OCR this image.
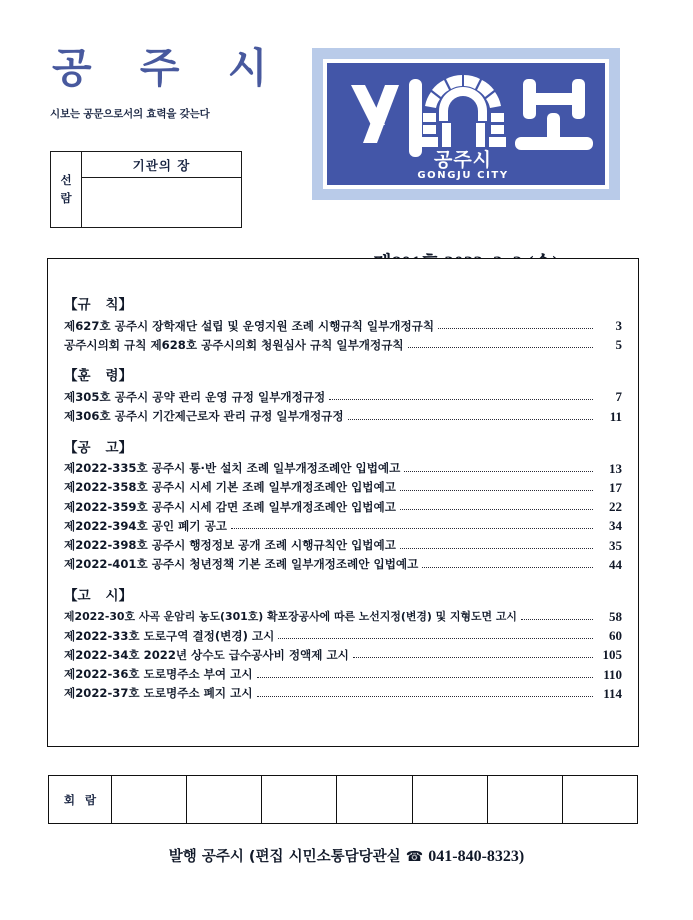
공 주 시
시보는 공문으로서의 효력을 갖는다
선
람
	기관의 장	공주시
GONGJU CITY
【규 칙】
제627호 공주시 장학재단 설립 및 운영지원 조례 시행규칙 일부개정규칙	3
공주시의회 규칙 제628호 공주시의회 청원심사 규칙 일부개정규칙	5
【훈 령】
제305호 공주시 공약 관리 운영 규정 일부개정규정	7
제306호 공주시 기간제근로자 관리 규정 일부개정규정	11
【공 고】
제2022-335호 공주시 통·반 설치 조례 일부개정조례안 입법예고	13
제2022-358호 공주시 시세 기본 조례 일부개정조례안 입법예고	17
제2022-359호 공주시 시세 감면 조례 일부개정조례안 입법예고	22
제2022-394호 공인 폐기 공고	34
제2022-398호 공주시 행정정보 공개 조례 시행규칙안 입법예고	35
제2022-401호 공주시 청년정책 기본 조례 일부개정조례안 입법예고	44
【고 시】
제2022-30호 사곡 운암리 농도(301호) 확포장공사에 따른 노선지정(변경) 및 지형도면 고시	58
제2022-33호 도로구역 결정(변경) 고시	60
제2022-34호 2022년 상수도 급수공사비 정액제 고시	105
제2022-36호 도로명주소 부여 고시	110
제2022-37호 도로명주소 폐지 고시	114
회 람							
발행 공주시 (편집 시민소통담당관실 ☎ 041-840-8323)
